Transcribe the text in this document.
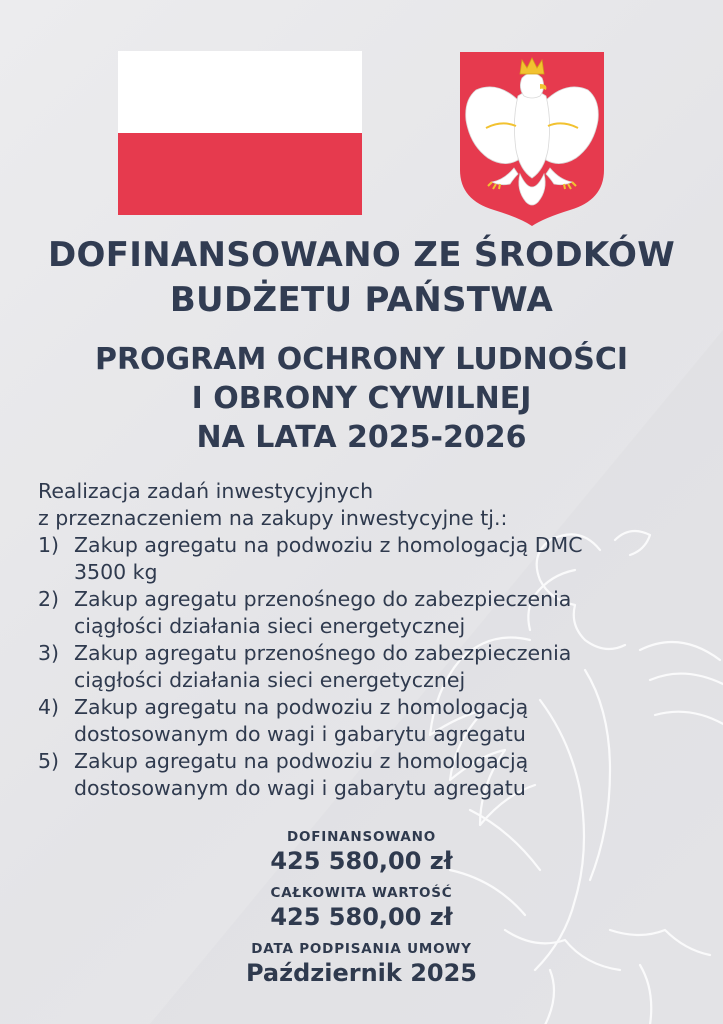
DOFINANSOWANO ZE ŚRODKÓW
BUDŻETU PAŃSTWA
PROGRAM OCHRONY LUDNOŚCI
I OBRONY CYWILNEJ
NA LATA 2025-2026
Realizacja zadań inwestycyjnych
z przeznaczeniem na zakupy inwestycyjne tj.:
1) Zakup agregatu na podwoziu z homologacją DMC
3500 kg
2) Zakup agregatu przenośnego do zabezpieczenia
ciągłości działania sieci energetycznej
3) Zakup agregatu przenośnego do zabezpieczenia
ciągłości działania sieci energetycznej
4) Zakup agregatu na podwoziu z homologacją
dostosowanym do wagi i gabarytu agregatu
5) Zakup agregatu na podwoziu z homologacją
dostosowanym do wagi i gabarytu agregatu
DOFINANSOWANO
425 580,00 zł
CAŁKOWITA WARTOŚĆ
425 580,00 zł
DATA PODPISANIA UMOWY
Październik 2025
